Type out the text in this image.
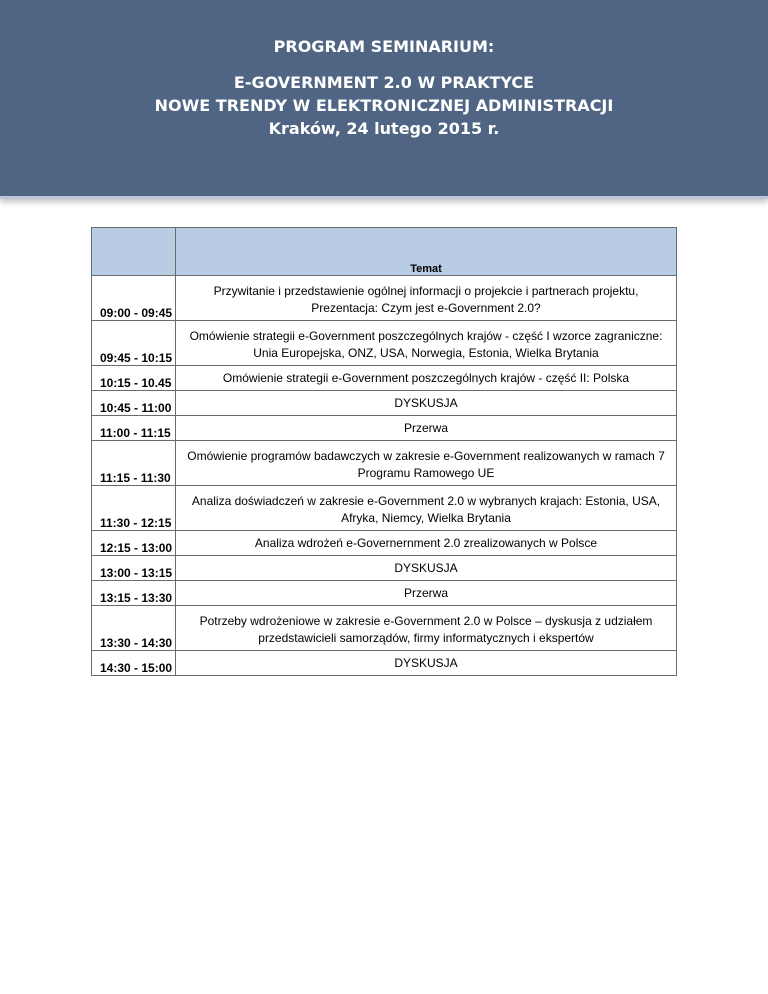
PROGRAM SEMINARIUM:
E-GOVERNMENT 2.0 W PRAKTYCE
NOWE TRENDY W ELEKTRONICZNEJ ADMINISTRACJI
Kraków, 24 lutego 2015 r.
	Temat
09:00 - 09:45	Przywitanie i przedstawienie ogólnej informacji o projekcie i partnerach projektu, Prezentacja: Czym jest e-Government 2.0?
09:45 - 10:15	Omówienie strategii e-Government poszczególnych krajów - część I wzorce zagraniczne: Unia Europejska, ONZ, USA, Norwegia, Estonia, Wielka Brytania
10:15 - 10.45	Omówienie strategii e-Government poszczególnych krajów - część II: Polska
10:45 - 11:00	DYSKUSJA
11:00 - 11:15	Przerwa
11:15 - 11:30	Omówienie programów badawczych w zakresie e-Government realizowanych w ramach 7 Programu Ramowego UE
11:30 - 12:15	Analiza doświadczeń w zakresie e-Government 2.0 w wybranych krajach: Estonia, USA, Afryka, Niemcy, Wielka Brytania
12:15 - 13:00	Analiza wdrożeń e-Governernment 2.0 zrealizowanych w Polsce
13:00 - 13:15	DYSKUSJA
13:15 - 13:30	Przerwa
13:30 - 14:30	Potrzeby wdrożeniowe w zakresie e-Government 2.0 w Polsce – dyskusja z udziałem przedstawicieli samorządów, firmy informatycznych i ekspertów
14:30 - 15:00	DYSKUSJA
